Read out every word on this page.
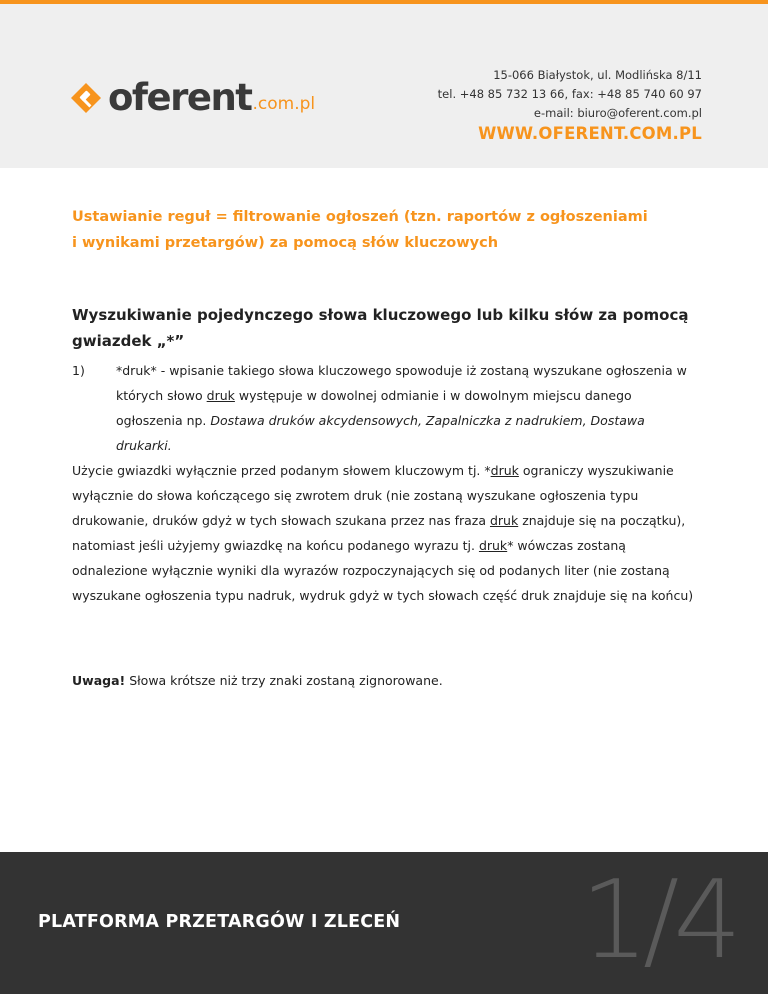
oferent .com.pl
15-066 Białystok, ul. Modlińska 8/11
tel. +48 85 732 13 66, fax: +48 85 740 60 97
e-mail: biuro@oferent.com.pl
WWW.OFERENT.COM.PL

Ustawianie reguł = filtrowanie ogłoszeń (tzn. raportów z ogłoszeniami
i wynikami przetargów) za pomocą słów kluczowych

Wyszukiwanie pojedynczego słowa kluczowego lub kilku słów za pomocą gwiazdek „*”
1) *druk* - wpisanie takiego słowa kluczowego spowoduje iż zostaną wyszukane ogłoszenia w których słowo druk występuje w dowolnej odmianie i w dowolnym miejscu danego ogłoszenia np. Dostawa druków akcydensowych, Zapalniczka z nadrukiem, Dostawa drukarki.
Użycie gwiazdki wyłącznie przed podanym słowem kluczowym tj. *druk ograniczy wyszukiwanie wyłącznie do słowa kończącego się zwrotem druk (nie zostaną wyszukane ogłoszenia typu drukowanie, druków gdyż w tych słowach szukana przez nas fraza druk znajduje się na początku), natomiast jeśli użyjemy gwiazdkę na końcu podanego wyrazu tj. druk* wówczas zostaną odnalezione wyłącznie wyniki dla wyrazów rozpoczynających się od podanych liter (nie zostaną wyszukane ogłoszenia typu nadruk, wydruk gdyż w tych słowach część druk znajduje się na końcu)
Uwaga! Słowa krótsze niż trzy znaki zostaną zignorowane.
PLATFORMA PRZETARGÓW I ZLECEŃ 1/4
